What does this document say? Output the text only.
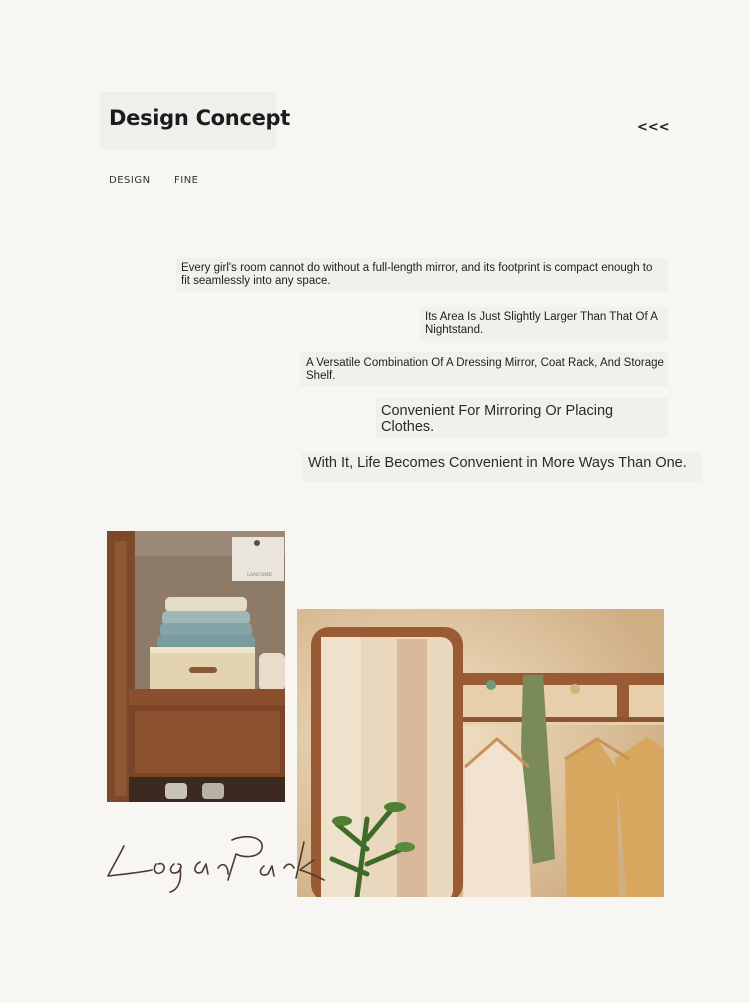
Design Concept	<<<
DESIGN FINE
Every girl's room cannot do without a full-length mirror, and its footprint is compact enough to fit seamlessly into any space.
Its Area Is Just Slightly Larger Than That Of A Nightstand.
A Versatile Combination Of A Dressing Mirror, Coat Rack, And Storage Shelf.
Convenient For Mirroring Or Placing Clothes.
With It, Life Becomes Convenient in More Ways Than One.
LANCOME
Logan Park
